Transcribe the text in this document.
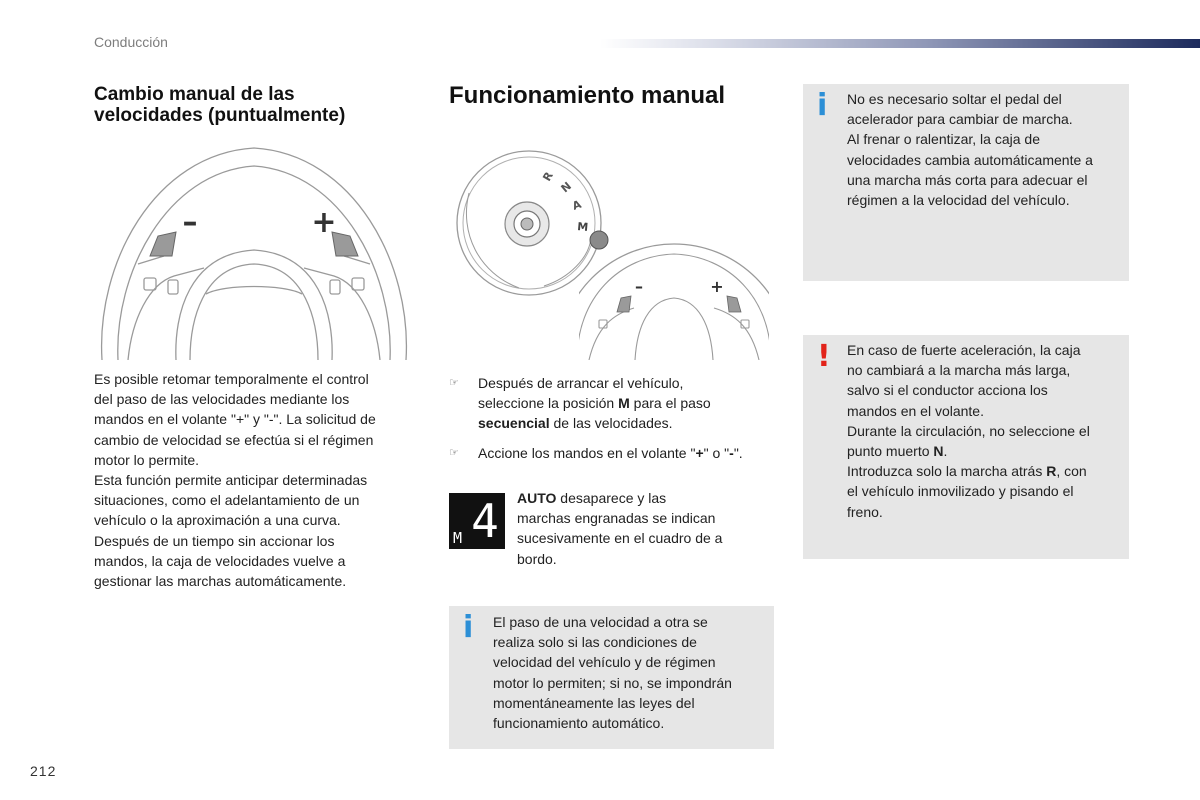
Conducción
Cambio manual de las
velocidades (puntualmente)
–	+
Es posible retomar temporalmente el control
del paso de las velocidades mediante los
mandos en el volante "+" y "-". La solicitud de
cambio de velocidad se efectúa si el régimen
motor lo permite.
Esta función permite anticipar determinadas
situaciones, como el adelantamiento de un
vehículo o la aproximación a una curva.
Después de un tiempo sin accionar los
mandos, la caja de velocidades vuelve a
gestionar las marchas automáticamente.
Funcionamiento manual
R
N
A
M
–	+
☞ Después de arrancar el vehículo,
seleccione la posición M para el paso
secuencial de las velocidades.
☞ Accione los mandos en el volante "+" o "-".
M 4 AUTO desaparece y las
marchas engranadas se indican
sucesivamente en el cuadro de a
bordo.
i El paso de una velocidad a otra se
realiza solo si las condiciones de
velocidad del vehículo y de régimen
motor lo permiten; si no, se impondrán
momentáneamente las leyes del
funcionamiento automático.
i No es necesario soltar el pedal del
acelerador para cambiar de marcha.
Al frenar o ralentizar, la caja de
velocidades cambia automáticamente a
una marcha más corta para adecuar el
régimen a la velocidad del vehículo.
! En caso de fuerte aceleración, la caja
no cambiará a la marcha más larga,
salvo si el conductor acciona los
mandos en el volante.
Durante la circulación, no seleccione el
punto muerto N.
Introduzca solo la marcha atrás R, con
el vehículo inmovilizado y pisando el
freno.
212
